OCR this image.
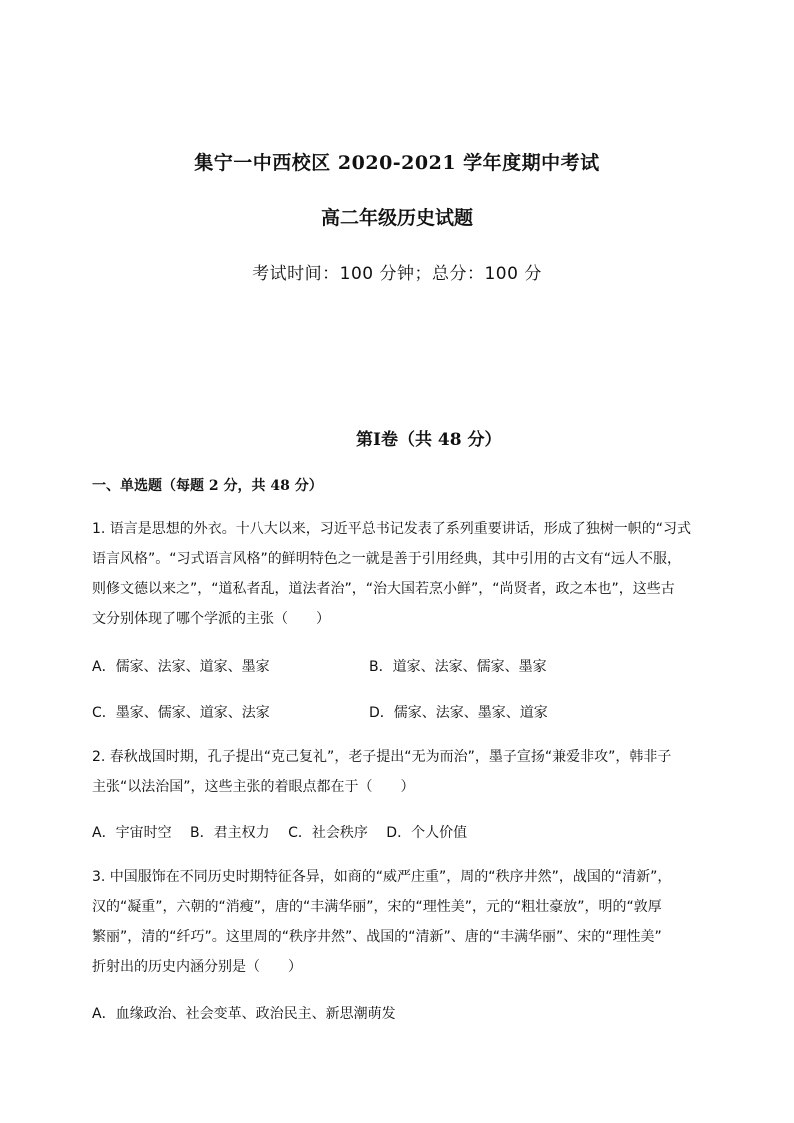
集宁一中西校区 2020-2021 学年度期中考试
高二年级历史试题
考试时间：100 分钟；总分：100 分
第Ⅰ卷（共 48 分）
一、单选题（每题 2 分，共 48 分）
1. 语言是思想的外衣。十八大以来，习近平总书记发表了系列重要讲话，形成了独树一帜的“习式
语言风格”。“习式语言风格”的鲜明特色之一就是善于引用经典，其中引用的古文有“远人不服，
则修文德以来之”，“道私者乱，道法者治”，“治大国若烹小鲜”，“尚贤者，政之本也”，这些古
文分别体现了哪个学派的主张（　　）
A．儒家、法家、道家、墨家	B．道家、法家、儒家、墨家
C．墨家、儒家、道家、法家	D．儒家、法家、墨家、道家
2. 春秋战国时期，孔子提出“克己复礼”，老子提出“无为而治”，墨子宣扬“兼爱非攻”，韩非子
主张“以法治国”，这些主张的着眼点都在于（　　）
A．宇宙时空　 B．君主权力　 C．社会秩序　 D．个人价值
3. 中国服饰在不同历史时期特征各异，如商的“威严庄重”，周的“秩序井然”，战国的“清新”，
汉的“凝重”，六朝的“消瘦”，唐的“丰满华丽”，宋的“理性美”，元的“粗壮豪放”，明的“敦厚
繁丽”，清的“纤巧”。这里周的“秩序井然”、战国的“清新”、唐的“丰满华丽”、宋的“理性美”
折射出的历史内涵分别是（　　）
A．血缘政治、社会变革、政治民主、新思潮萌发
